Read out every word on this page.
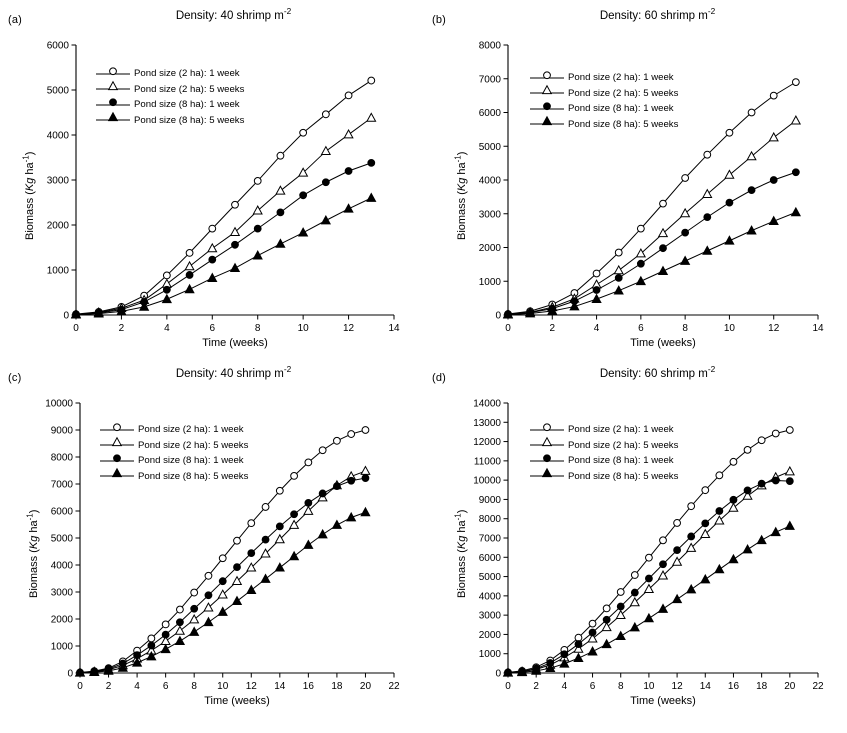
(a)	Density: 40 shrimp $m^{-2}$
0	2	4	6	8	10	12	14
0
1000
2000
3000
4000
5000
6000
Time (weeks)
Biomass (Kg $ha^{-1}$)
Pond size (2 ha): 1 week
Pond size (2 ha): 5 weeks
Pond size (8 ha): 1 week
Pond size (8 ha): 5 weeks
(b)	Density: 60 shrimp $m^{-2}$
0	2	4	6	8	10	12	14
0
1000
2000
3000
4000
5000
6000
7000
8000
Time (weeks)
Biomass (Kg $ha^{-1}$)
Pond size (2 ha): 1 week
Pond size (2 ha): 5 weeks
Pond size (8 ha): 1 week
Pond size (8 ha): 5 weeks
(c)	Density: 40 shrimp $m^{-2}$
0 2 4 6 8 10 12 14 16 18 20 22
0
1000
2000
3000
4000
5000
6000
7000
8000
9000
10000
Time (weeks)
Biomass (Kg $ha^{-1}$)
Pond size (2 ha): 1 week
Pond size (2 ha): 5 weeks
Pond size (8 ha): 1 week
Pond size (8 ha): 5 weeks
(d)	Density: 60 shrimp $m^{-2}$
0 2 4 6 8 10 12 14 16 18 20 22
0
1000
2000
3000
4000
5000
6000
7000
8000
9000
10000
11000
12000
13000
14000
Time (weeks)
Biomass (Kg $ha^{-1}$)
Pond size (2 ha): 1 week
Pond size (2 ha): 5 weeks
Pond size (8 ha): 1 week
Pond size (8 ha): 5 weeks
